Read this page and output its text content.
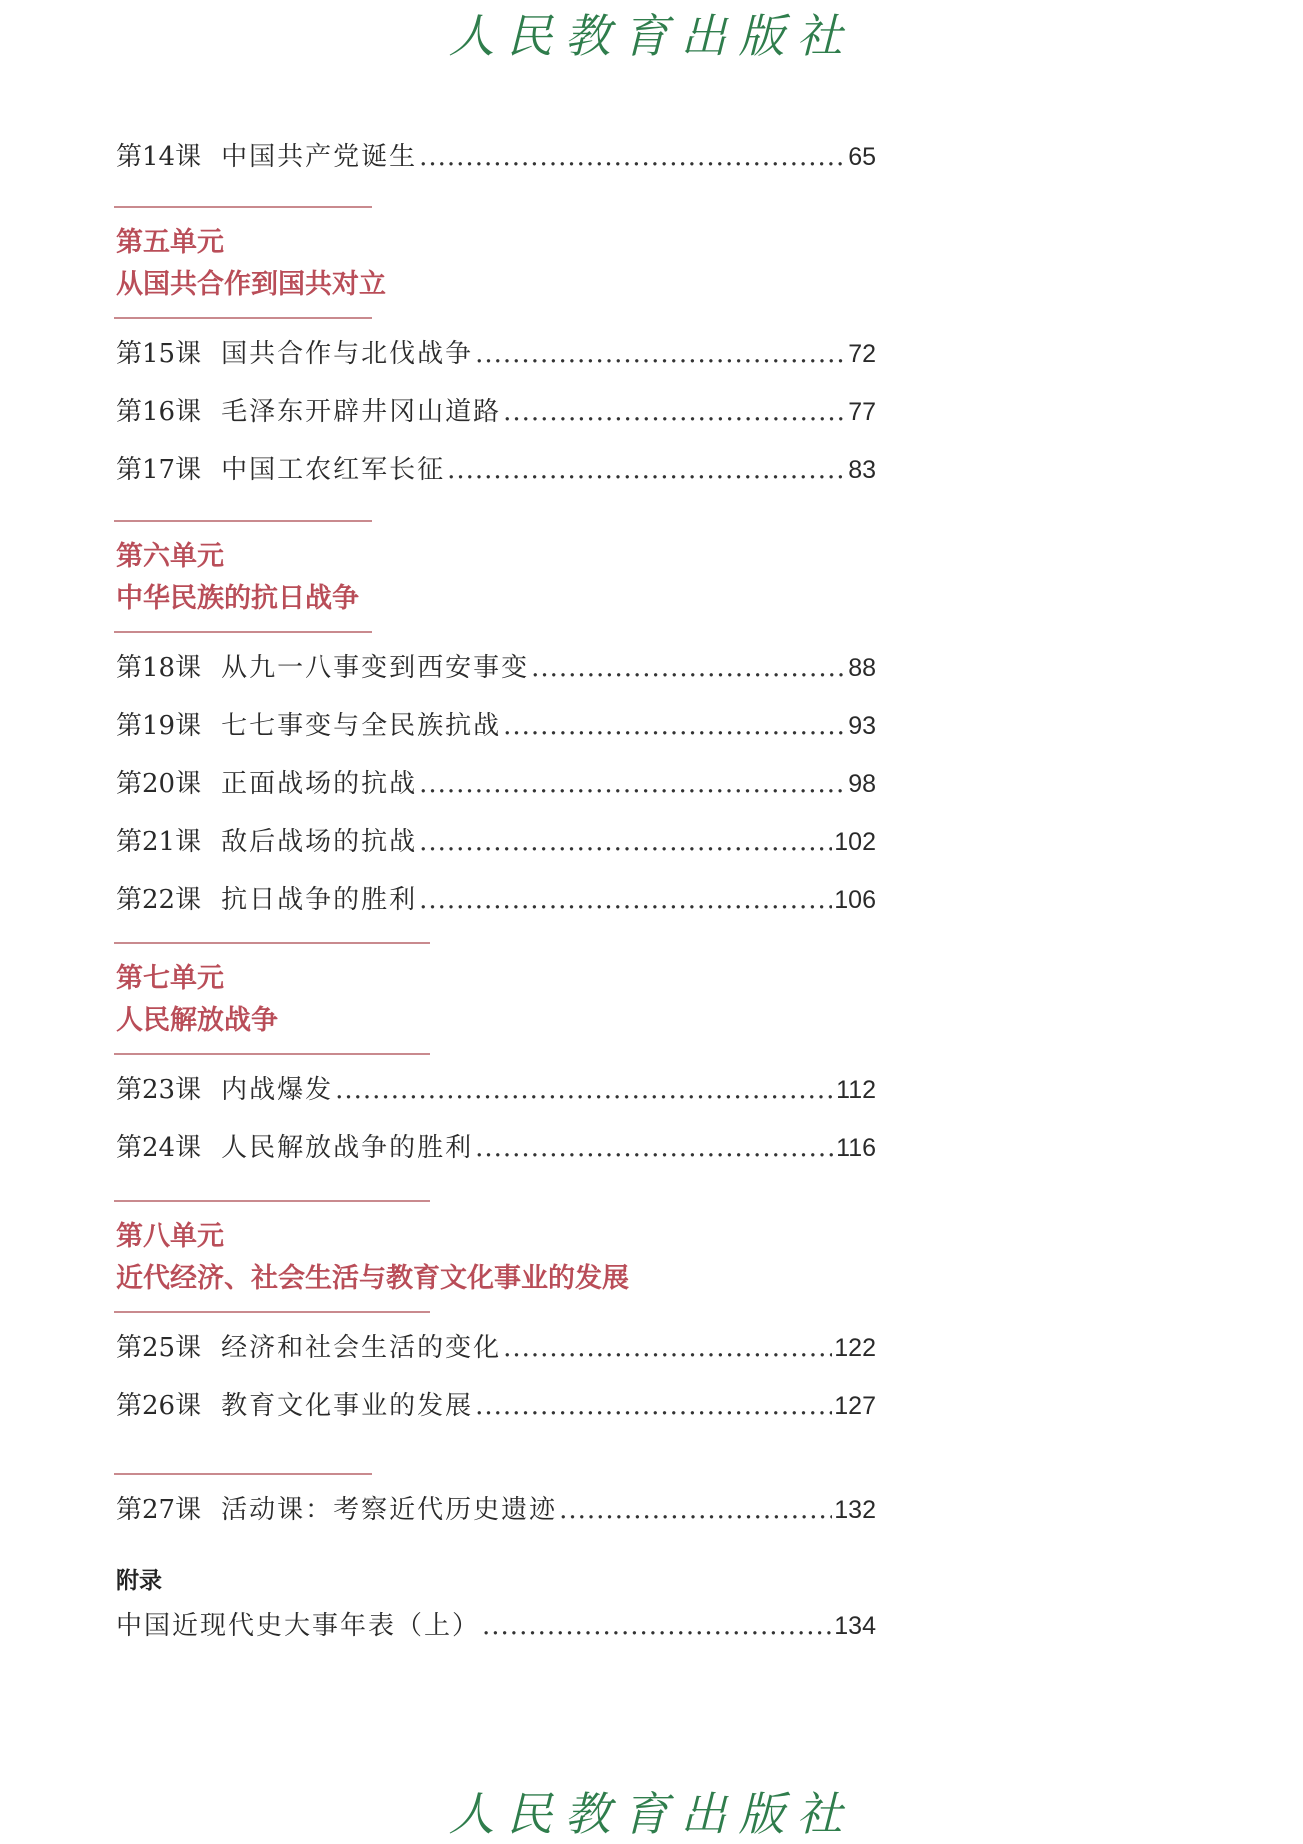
人民教育出版社
第14课 中国共产党诞生 .....	65
第五单元
从国共合作到国共对立
第15课 国共合作与北伐战争 .....	72
第16课 毛泽东开辟井冈山道路 .....	77
第17课 中国工农红军长征 .....	83
第六单元
中华民族的抗日战争
第18课 从九一八事变到西安事变 .....	88
第19课 七七事变与全民族抗战 .....	93
第20课 正面战场的抗战 .....	98
第21课 敌后战场的抗战 .....	102
第22课 抗日战争的胜利 .....	106
第七单元
人民解放战争
第23课 内战爆发 .....	112
第24课 人民解放战争的胜利 .....	116
第八单元
近代经济、社会生活与教育文化事业的发展
第25课 经济和社会生活的变化 .....	122
第26课 教育文化事业的发展 .....	127
第27课 活动课：考察近代历史遗迹 .....	132
附录
中国近现代史大事年表（上） .....	134
人民教育出版社
